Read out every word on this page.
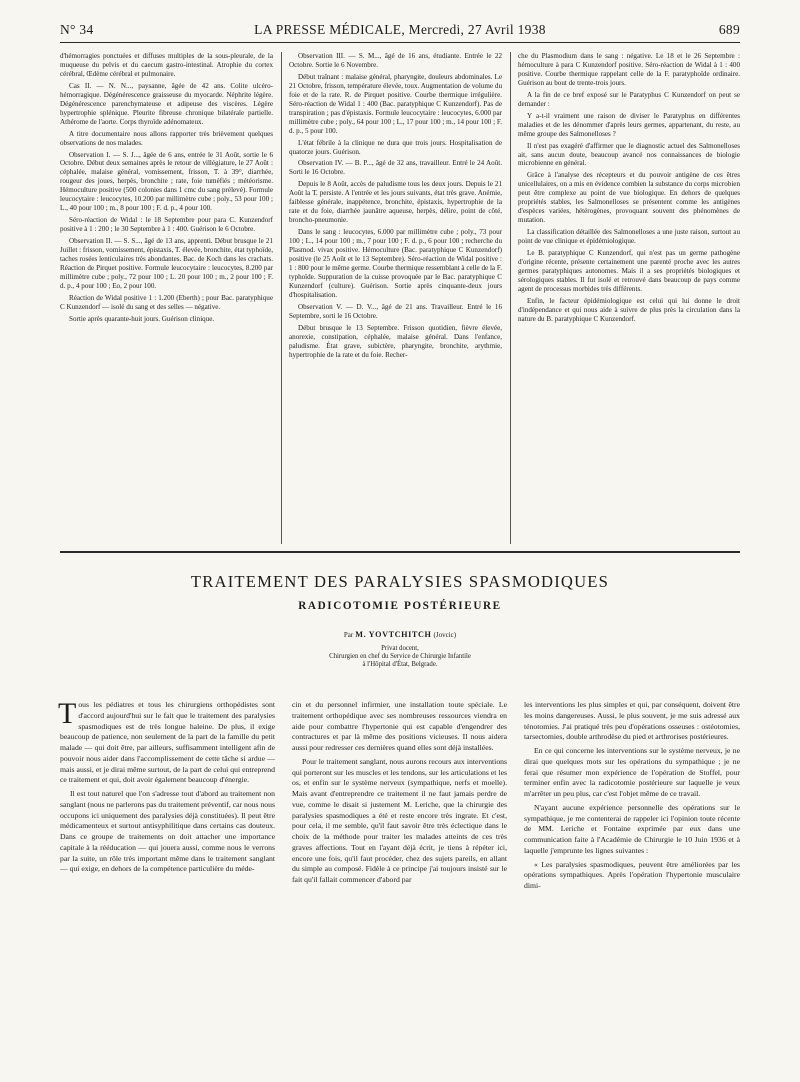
N° 34	LA PRESSE MÉDICALE, Mercredi, 27 Avril 1938	689

d'hémorragies ponctuées et diffuses multiples de la sous-pleurale, de la muqueuse du pelvis et du caecum gastro-intestinal. Atrophie du cortex cérébral, Œdème cérébral et pulmonaire.

Cas II. — N. N..., paysanne, âgée de 42 ans. Colite ulcéro-hémorragique. Dégénérescence graisseuse du myocarde. Néphrite légère. Dégénérescence parenchymateuse et adipeuse des viscères. Légère hypertrophie splénique. Pleurite fibreuse chronique bilatérale partielle. Athérome de l'aorte. Corps thyroïde adénomateux.

A titre documentaire nous allons rapporter très brièvement quelques observations de nos malades.

Observation I. — S. J..., âgée de 6 ans, entrée le 31 Août, sortie le 6 Octobre. Début deux semaines après le retour de villégiature, le 27 Août : céphalée, malaise général, vomissement, frisson, T. à 39°, diarrhée, rougeur des joues, herpès, bronchite ; rate, foie tuméfiés ; météorisme. Hémoculture positive (500 colonies dans 1 cmc du sang prélevé). Formule leucocytaire : leucocytes, 10.200 par millimètre cube ; poly., 53 pour 100 ; L., 40 pour 100 ; m., 8 pour 100 ; F. d. p., 4 pour 100.

Séro-réaction de Widal : le 18 Septembre pour para C. Kunzendorf positive à 1 : 200 ; le 30 Septembre à 1 : 400. Guérison le 6 Octobre.

Observation II. — S. S..., âgé de 13 ans, apprenti. Début brusque le 21 Juillet : frisson, vomissement, épistaxis, T. élevée, bronchite, état typhoïde, taches rosées lenticulaires très abondantes. Bac. de Koch dans les crachats. Réaction de Pirquet positive. Formule leucocytaire : leucocytes, 8.200 par millimètre cube ; poly., 72 pour 100 ; L. 20 pour 100 ; m., 2 pour 100 ; F. d. p., 4 pour 100 ; Eo, 2 pour 100.

Réaction de Widal positive 1 : 1.200 (Eberth) ; pour Bac. paratyphique C Kunzendorf — isolé du sang et des selles — négative.

Sortie après quarante-huit jours. Guérison clinique.

Observation III. — S. M..., âgé de 16 ans, étudiante. Entrée le 22 Octobre. Sortie le 6 Novembre.

Début traînant : malaise général, pharyngite, douleurs abdominales. Le 21 Octobre, frisson, température élevée, toux. Augmentation de volume du foie et de la rate. R. de Pirquet positive. Courbe thermique irrégulière. Séro-réaction de Widal 1 : 400 (Bac. paratyphique C Kunzendorf). Pas de transpiration ; pas d'épistaxis. Formule leucocytaire : leucocytes, 6.000 par millimètre cube ; poly., 64 pour 100 ; L., 17 pour 100 ; m., 14 pour 100 ; F. d. p., 5 pour 100.

L'état fébrile à la clinique ne dura que trois jours. Hospitalisation de quatorze jours. Guérison.

Observation IV. — B. P..., âgé de 32 ans, travailleur. Entré le 24 Août. Sorti le 16 Octobre.

Depuis le 8 Août, accès de paludisme tous les deux jours. Depuis le 21 Août la T. persiste. A l'entrée et les jours suivants, état très grave. Anémie, faiblesse générale, inappétence, bronchite, épistaxis, hypertrophie de la rate et du foie, diarrhée jaunâtre aqueuse, herpès, délire, point de côté, broncho-pneumonie.

Dans le sang : leucocytes, 6.000 par millimètre cube ; poly., 73 pour 100 ; L., 14 pour 100 ; m., 7 pour 100 ; F. d. p., 6 pour 100 ; recherche du Plasmod. vivax positive. Hémoculture (Bac. paratyphique C Kunzendorf) positive (le 25 Août et le 13 Septembre). Séro-réaction de Widal positive : 1 : 800 pour le même germe. Courbe thermique ressemblant à celle de la F. typhoïde. Suppuration de la cuisse provoquée par le Bac. paratyphique C Kunzendorf (culture). Guérison. Sortie après cinquante-deux jours d'hospitalisation.

Observation V. — D. V..., âgé de 21 ans. Travailleur. Entré le 16 Septembre, sorti le 16 Octobre.

Début brusque le 13 Septembre. Frisson quotidien, fièvre élevée, anorexie, constipation, céphalée, malaise général. Dans l'enfance, paludisme. État grave, subictère, pharyngite, bronchite, arythmie, hypertrophie de la rate et du foie. Recher-

che du Plasmodium dans le sang : négative. Le 18 et le 26 Septembre : hémoculture à para C Kunzendorf positive. Séro-réaction de Widal à 1 : 400 positive. Courbe thermique rappelant celle de la F. paratyphoïde ordinaire. Guérison au bout de trente-trois jours.

A la fin de ce bref exposé sur le Paratyphus C Kunzendorf on peut se demander :

Y a-t-il vraiment une raison de diviser le Paratyphus en différentes maladies et de les dénommer d'après leurs germes, appartenant, du reste, au même groupe des Salmonelloses ?

Il n'est pas exagéré d'affirmer que le diagnostic actuel des Salmonelloses ait, sans aucun doute, beaucoup avancé nos connaissances de biologie microbienne en général.

Grâce à l'analyse des récepteurs et du pouvoir antigène de ces êtres unicellulaires, on a mis en évidence combien la substance du corps microbien peut être complexe au point de vue biologique. En dehors de quelques propriétés stables, les Salmonelloses se présentent comme les antigènes d'espèces variées, hétérogènes, provoquant souvent des phénomènes de mutation.

La classification détaillée des Salmonelloses a une juste raison, surtout au point de vue clinique et épidémiologique.

Le B. paratyphique C Kunzendorf, qui n'est pas un germe pathogène d'origine récente, présente certainement une parenté proche avec les autres germes paratyphiques autonomes. Mais il a ses propriétés biologiques et sérologiques stables. Il fut isolé et retrouvé dans beaucoup de pays comme agent de processus morbides très différents.

Enfin, le facteur épidémiologique est celui qui lui donne le droit d'indépendance et qui nous aide à suivre de plus près la circulation dans la nature du B. paratyphique C Kunzendorf.

TRAITEMENT DES PARALYSIES SPASMODIQUES
RADICOTOMIE POSTÉRIEURE
Par M. YOVTCHITCH (Jovcic)
Privat docent,
Chirurgien en chef du Service de Chirurgie Infantile
à l'Hôpital d'État, Belgrade.

Tous les pédiatres et tous les chirurgiens orthopédistes sont d'accord aujourd'hui sur le fait que le traitement des paralysies spasmodiques est de très longue haleine. De plus, il exige beaucoup de patience, non seulement de la part de la famille du petit malade — qui doit être, par ailleurs, suffisamment intelligent afin de pouvoir nous aider dans l'accomplissement de cette tâche si ardue — mais aussi, et je dirai même surtout, de la part de celui qui entreprend ce traitement et qui, doit avoir également beaucoup d'énergie.

Il est tout naturel que l'on s'adresse tout d'abord au traitement non sanglant (nous ne parlerons pas du traitement préventif, car nous nous occupons ici uniquement des paralysies déjà constituées). Il peut être médicamenteux et surtout antisyphilitique dans certains cas douteux. Dans ce groupe de traitements on doit attacher une importance capitale à la rééducation — qui jouera aussi, comme nous le verrons par la suite, un rôle très important même dans le traitement sanglant — qui exige, en dehors de la compétence particulière du méde-

cin et du personnel infirmier, une installation toute spéciale. Le traitement orthopédique avec ses nombreuses ressources viendra en aide pour combattre l'hypertonie qui est capable d'engendrer des contractures et par là même des positions vicieuses. Il nous aidera aussi pour redresser ces dernières quand elles sont déjà installées.

Pour le traitement sanglant, nous aurons recours aux interventions qui porteront sur les muscles et les tendons, sur les articulations et les os, et enfin sur le système nerveux (sympathique, nerfs et moelle). Mais avant d'entreprendre ce traitement il ne faut jamais perdre de vue, comme le disait si justement M. Leriche, que la chirurgie des paralysies spasmodiques a été et reste encore très ingrate. Et c'est, pour cela, il me semble, qu'il faut savoir être très éclectique dans le choix de la méthode pour traiter les malades atteints de ces très graves affections. Tout en l'ayant déjà écrit, je tiens à répéter ici, encore une fois, qu'il faut procéder, chez des sujets pareils, en allant du simple au composé. Fidèle à ce principe j'ai toujours insisté sur le fait qu'il fallait commencer d'abord par

les interventions les plus simples et qui, par conséquent, doivent être les moins dangereuses. Aussi, le plus souvent, je me suis adressé aux ténotomies. J'ai pratiqué très peu d'opérations osseuses : ostéotomies, tarsectomies, double arthrodèse du pied et arthrorises postérieures.

En ce qui concerne les interventions sur le système nerveux, je ne dirai que quelques mots sur les opérations du sympathique ; je ne ferai que résumer mon expérience de l'opération de Stoffel, pour terminer enfin avec la radicotomie postérieure sur laquelle je veux m'arrêter un peu plus, car c'est l'objet même de ce travail.

N'ayant aucune expérience personnelle des opérations sur le sympathique, je me contenterai de rappeler ici l'opinion toute récente de MM. Leriche et Fontaine exprimée par eux dans une communication faite à l'Académie de Chirurgie le 10 Juin 1936 et à laquelle j'emprunte les lignes suivantes :

« Les paralysies spasmodiques, peuvent être améliorées par les opérations sympathiques. Après l'opération l'hypertonie musculaire dimi-
